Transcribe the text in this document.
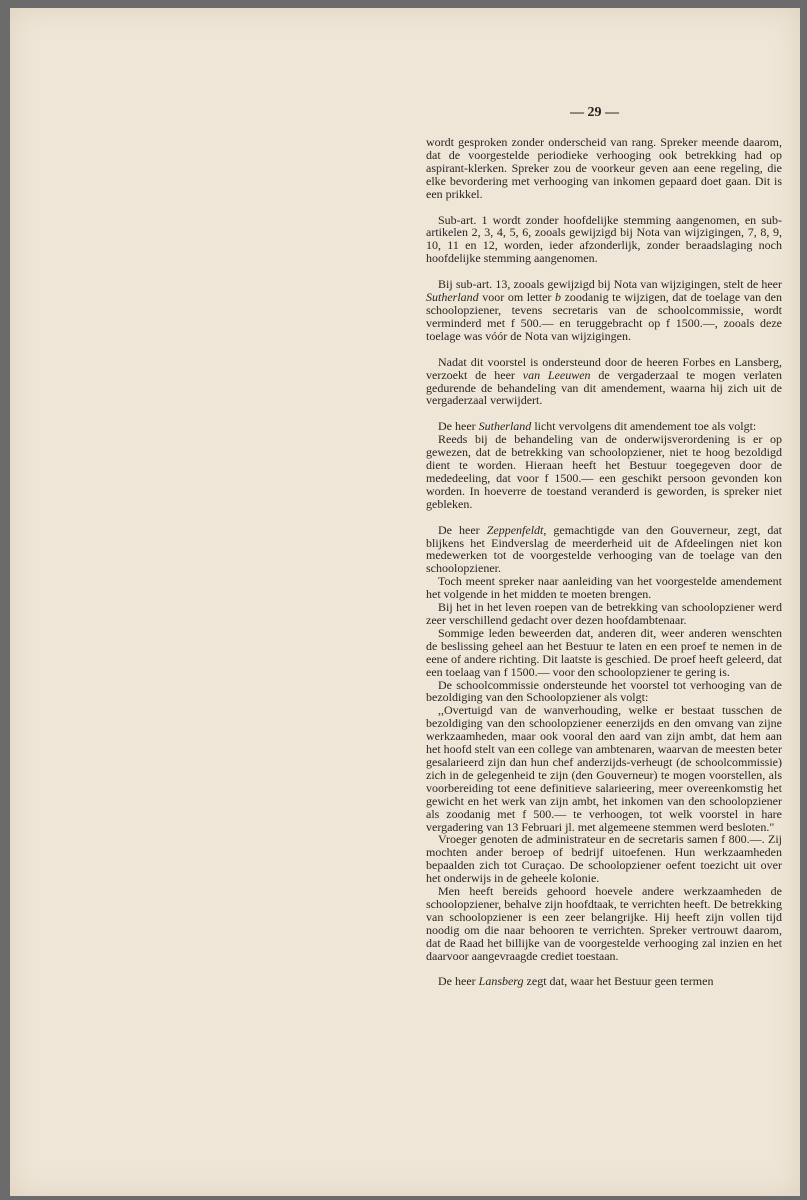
— 29 —

wordt gesproken zonder onderscheid van rang. Spreker meende daarom, dat de voorgestelde periodieke verhooging ook betrekking had op aspirant-klerken. Spreker zou de voorkeur geven aan eene regeling, die elke bevordering met verhooging van inkomen gepaard doet gaan. Dit is een prikkel.

Sub-art. 1 wordt zonder hoofdelijke stemming aangenomen, en sub-artikelen 2, 3, 4, 5, 6, zooals gewijzigd bij Nota van wijzigingen, 7, 8, 9, 10, 11 en 12, worden, ieder afzonderlijk, zonder beraadslaging noch hoofdelijke stemming aangenomen.

Bij sub-art. 13, zooals gewijzigd bij Nota van wijzigingen, stelt de heer Sutherland voor om letter b zoodanig te wijzigen, dat de toelage van den schoolopziener, tevens secretaris van de schoolcommissie, wordt verminderd met f 500.— en teruggebracht op f 1500.—, zooals deze toelage was vóór de Nota van wijzigingen.

Nadat dit voorstel is ondersteund door de heeren Forbes en Lansberg, verzoekt de heer van Leeuwen de vergaderzaal te mogen verlaten gedurende de behandeling van dit amendement, waarna hij zich uit de vergaderzaal verwijdert.

De heer Sutherland licht vervolgens dit amendement toe als volgt:

Reeds bij de behandeling van de onderwijsverordening is er op gewezen, dat de betrekking van schoolopziener, niet te hoog bezoldigd dient te worden. Hieraan heeft het Bestuur toegegeven door de mededeeling, dat voor f 1500.— een geschikt persoon gevonden kon worden. In hoeverre de toestand veranderd is geworden, is spreker niet gebleken.

De heer Zeppenfeldt, gemachtigde van den Gouverneur, zegt, dat blijkens het Eindverslag de meerderheid uit de Afdeelingen niet kon medewerken tot de voorgestelde verhooging van de toelage van den schoolopziener.

Toch meent spreker naar aanleiding van het voorgestelde amendement het volgende in het midden te moeten brengen.

Bij het in het leven roepen van de betrekking van schoolopziener werd zeer verschillend gedacht over dezen hoofdambtenaar.

Sommige leden beweerden dat, anderen dit, weer anderen wenschten de beslissing geheel aan het Bestuur te laten en een proef te nemen in de eene of andere richting. Dit laatste is geschied. De proef heeft geleerd, dat een toelaag van f 1500.— voor den schoolopziener te gering is.

De schoolcommissie ondersteunde het voorstel tot verhooging van de bezoldiging van den Schoolopziener als volgt:

,,Overtuigd van de wanverhouding, welke er bestaat tusschen de bezoldiging van den schoolopziener eenerzijds en den omvang van zijne werkzaamheden, maar ook vooral den aard van zijn ambt, dat hem aan het hoofd stelt van een college van ambtenaren, waarvan de meesten beter gesalarieerd zijn dan hun chef anderzijds-verheugt (de schoolcommissie) zich in de gelegenheid te zijn (den Gouverneur) te mogen voorstellen, als voorbereiding tot eene definitieve salarieering, meer overeenkomstig het gewicht en het werk van zijn ambt, het inkomen van den schoolopziener als zoodanig met f 500.— te verhoogen, tot welk voorstel in hare vergadering van 13 Februari jl. met algemeene stemmen werd besloten."

Vroeger genoten de administrateur en de secretaris samen f 800.—. Zij mochten ander beroep of bedrijf uitoefenen. Hun werkzaamheden bepaalden zich tot Curaçao. De schoolopziener oefent toezicht uit over het onderwijs in de geheele kolonie.

Men heeft bereids gehoord hoevele andere werkzaamheden de schoolopziener, behalve zijn hoofdtaak, te verrichten heeft. De betrekking van schoolopziener is een zeer belangrijke. Hij heeft zijn vollen tijd noodig om die naar behooren te verrichten. Spreker vertrouwt daarom, dat de Raad het billijke van de voorgestelde verhooging zal inzien en het daarvoor aangevraagde crediet toestaan.

De heer Lansberg zegt dat, waar het Bestuur geen termen
